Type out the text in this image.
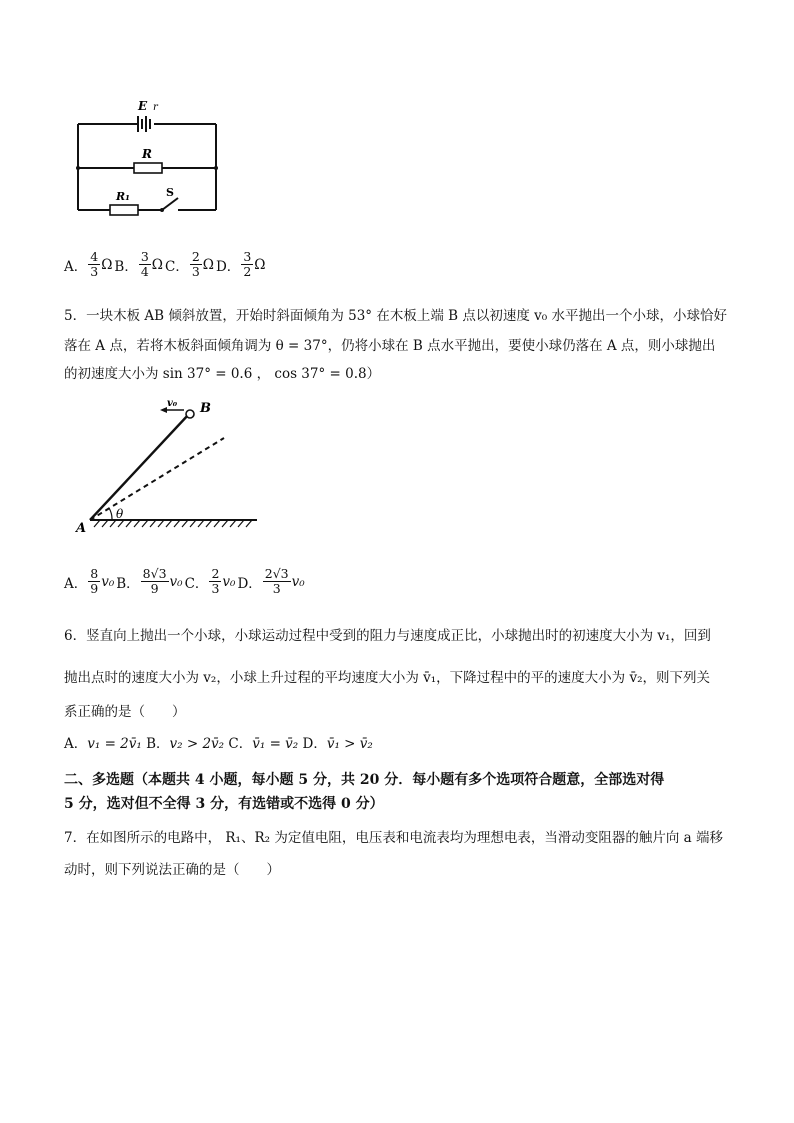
E r
R
R₁	S
A． $\frac{4}{3}$ Ω B． $\frac{3}{4}$ Ω C． $\frac{2}{3}$ Ω D． $\frac{3}{2}$ Ω
5．一块木板 AB 倾斜放置，开始时斜面倾角为 53° 在木板上端 B 点以初速度 v₀ 水平抛出一个小球，小球恰好
落在 A 点，若将木板斜面倾角调为 θ = 37°，仍将小球在 B 点水平抛出，要使小球仍落在 A 点，则小球抛出
的初速度大小为 sin 37° = 0.6 ， cos 37° = 0.8）
A
B
θ
v₀
A． $\frac{8}{9} v_0$ B． $\frac{8√3}{9} v_0$ C． $\frac{2}{3} v_0$ D． $\frac{2√3}{3} v_0$
6．竖直向上抛出一个小球，小球运动过程中受到的阻力与速度成正比，小球抛出时的初速度大小为 v₁，回到
抛出点时的速度大小为 v₂，小球上升过程的平均速度大小为 v̄₁，下降过程中的平的速度大小为 v̄₂，则下列关
系正确的是（　　）
A．v₁ = 2v̄₁ B．v₂ > 2v̄₂ C．v̄₁ = v̄₂ D．v̄₁ > v̄₂
二、多选题（本题共 4 小题，每小题 5 分，共 20 分．每小题有多个选项符合题意，全部选对得
5 分，选对但不全得 3 分，有选错或不选得 0 分）
7．在如图所示的电路中， R₁、R₂ 为定值电阻，电压表和电流表均为理想电表，当滑动变阻器的触片向 a 端移
动时，则下列说法正确的是（　　）
